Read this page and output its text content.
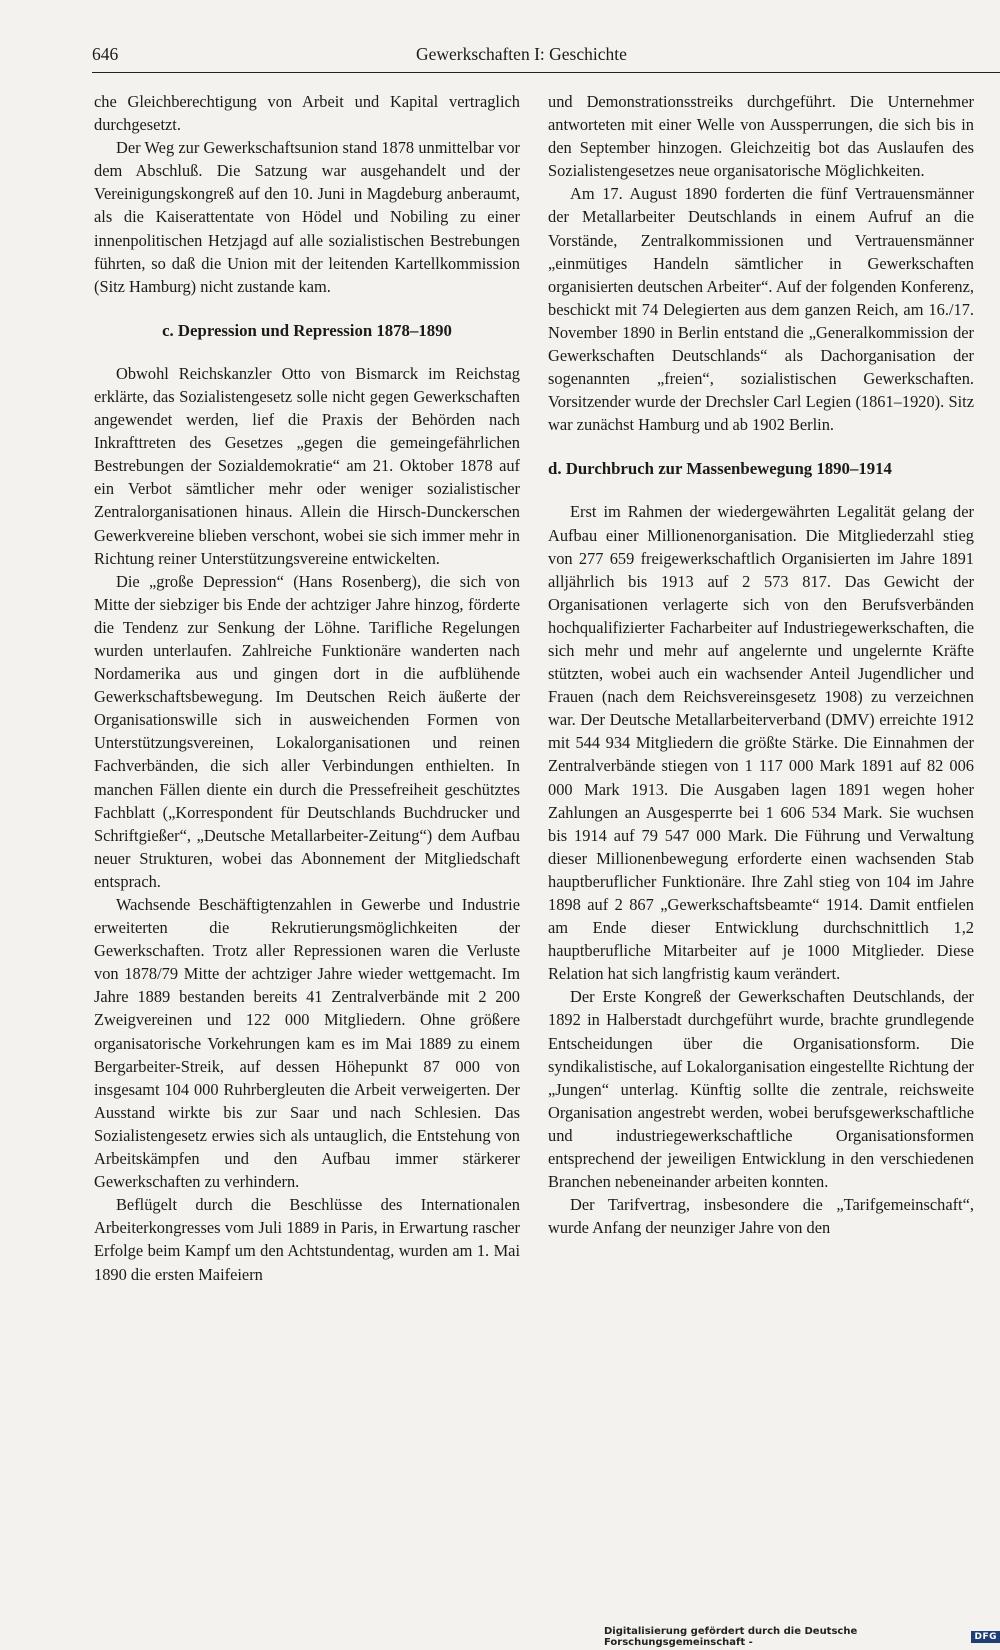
646	Gewerkschaften I: Geschichte

che Gleichberechtigung von Arbeit und Kapital vertraglich durchgesetzt.

Der Weg zur Gewerkschaftsunion stand 1878 unmittelbar vor dem Abschluß. Die Satzung war ausgehandelt und der Vereinigungskongreß auf den 10. Juni in Magdeburg anberaumt, als die Kaiserattentate von Hödel und Nobiling zu einer innenpolitischen Hetzjagd auf alle sozialistischen Bestrebungen führten, so daß die Union mit der leitenden Kartellkommission (Sitz Hamburg) nicht zustande kam.

c. Depression und Repression 1878–1890

Obwohl Reichskanzler Otto von Bismarck im Reichstag erklärte, das Sozialistengesetz solle nicht gegen Gewerkschaften angewendet werden, lief die Praxis der Behörden nach Inkrafttreten des Gesetzes „gegen die gemeingefährlichen Bestrebungen der Sozialdemokratie“ am 21. Oktober 1878 auf ein Verbot sämtlicher mehr oder weniger sozialistischer Zentralorganisationen hinaus. Allein die Hirsch-Dunckerschen Gewerkvereine blieben verschont, wobei sie sich immer mehr in Richtung reiner Unterstützungsvereine entwickelten.

Die „große Depression“ (Hans Rosenberg), die sich von Mitte der siebziger bis Ende der achtziger Jahre hinzog, förderte die Tendenz zur Senkung der Löhne. Tarifliche Regelungen wurden unterlaufen. Zahlreiche Funktionäre wanderten nach Nordamerika aus und gingen dort in die aufblühende Gewerkschaftsbewegung. Im Deutschen Reich äußerte der Organisationswille sich in ausweichenden Formen von Unterstützungsvereinen, Lokalorganisationen und reinen Fachverbänden, die sich aller Verbindungen enthielten. In manchen Fällen diente ein durch die Pressefreiheit geschütztes Fachblatt („Korrespondent für Deutschlands Buchdrucker und Schriftgießer“, „Deutsche Metallarbeiter-Zeitung“) dem Aufbau neuer Strukturen, wobei das Abonnement der Mitgliedschaft entsprach.

Wachsende Beschäftigtenzahlen in Gewerbe und Industrie erweiterten die Rekrutierungsmöglichkeiten der Gewerkschaften. Trotz aller Repressionen waren die Verluste von 1878/79 Mitte der achtziger Jahre wieder wettgemacht. Im Jahre 1889 bestanden bereits 41 Zentralverbände mit 2 200 Zweigvereinen und 122 000 Mitgliedern. Ohne größere organisatorische Vorkehrungen kam es im Mai 1889 zu einem Bergarbeiter-Streik, auf dessen Höhepunkt 87 000 von insgesamt 104 000 Ruhrbergleuten die Arbeit verweigerten. Der Ausstand wirkte bis zur Saar und nach Schlesien. Das Sozialistengesetz erwies sich als untauglich, die Entstehung von Arbeitskämpfen und den Aufbau immer stärkerer Gewerkschaften zu verhindern.

Beflügelt durch die Beschlüsse des Internationalen Arbeiterkongresses vom Juli 1889 in Paris, in Erwartung rascher Erfolge beim Kampf um den Achtstundentag, wurden am 1. Mai 1890 die ersten Maifeiern

und Demonstrationsstreiks durchgeführt. Die Unternehmer antworteten mit einer Welle von Aussperrungen, die sich bis in den September hinzogen. Gleichzeitig bot das Auslaufen des Sozialistengesetzes neue organisatorische Möglichkeiten.

Am 17. August 1890 forderten die fünf Vertrauensmänner der Metallarbeiter Deutschlands in einem Aufruf an die Vorstände, Zentralkommissionen und Vertrauensmänner „einmütiges Handeln sämtlicher in Gewerkschaften organisierten deutschen Arbeiter“. Auf der folgenden Konferenz, beschickt mit 74 Delegierten aus dem ganzen Reich, am 16./17. November 1890 in Berlin entstand die „Generalkommission der Gewerkschaften Deutschlands“ als Dachorganisation der sogenannten „freien“, sozialistischen Gewerkschaften. Vorsitzender wurde der Drechsler Carl Legien (1861–1920). Sitz war zunächst Hamburg und ab 1902 Berlin.

d. Durchbruch zur Massenbewegung 1890–1914

Erst im Rahmen der wiedergewährten Legalität gelang der Aufbau einer Millionenorganisation. Die Mitgliederzahl stieg von 277 659 freigewerkschaftlich Organisierten im Jahre 1891 alljährlich bis 1913 auf 2 573 817. Das Gewicht der Organisationen verlagerte sich von den Berufsverbänden hochqualifizierter Facharbeiter auf Industriegewerkschaften, die sich mehr und mehr auf angelernte und ungelernte Kräfte stützten, wobei auch ein wachsender Anteil Jugendlicher und Frauen (nach dem Reichsvereinsgesetz 1908) zu verzeichnen war. Der Deutsche Metallarbeiterverband (DMV) erreichte 1912 mit 544 934 Mitgliedern die größte Stärke. Die Einnahmen der Zentralverbände stiegen von 1 117 000 Mark 1891 auf 82 006 000 Mark 1913. Die Ausgaben lagen 1891 wegen hoher Zahlungen an Ausgesperrte bei 1 606 534 Mark. Sie wuchsen bis 1914 auf 79 547 000 Mark. Die Führung und Verwaltung dieser Millionenbewegung erforderte einen wachsenden Stab hauptberuflicher Funktionäre. Ihre Zahl stieg von 104 im Jahre 1898 auf 2 867 „Gewerkschaftsbeamte“ 1914. Damit entfielen am Ende dieser Entwicklung durchschnittlich 1,2 hauptberufliche Mitarbeiter auf je 1000 Mitglieder. Diese Relation hat sich langfristig kaum verändert.

Der Erste Kongreß der Gewerkschaften Deutschlands, der 1892 in Halberstadt durchgeführt wurde, brachte grundlegende Entscheidungen über die Organisationsform. Die syndikalistische, auf Lokalorganisation eingestellte Richtung der „Jungen“ unterlag. Künftig sollte die zentrale, reichsweite Organisation angestrebt werden, wobei berufsgewerkschaftliche und industriegewerkschaftliche Organisationsformen entsprechend der jeweiligen Entwicklung in den verschiedenen Branchen nebeneinander arbeiten konnten.

Der Tarifvertrag, insbesondere die „Tarifgemeinschaft“, wurde Anfang der neunziger Jahre von den

Digitalisierung gefördert durch die Deutsche Forschungsgemeinschaft -	DFG
